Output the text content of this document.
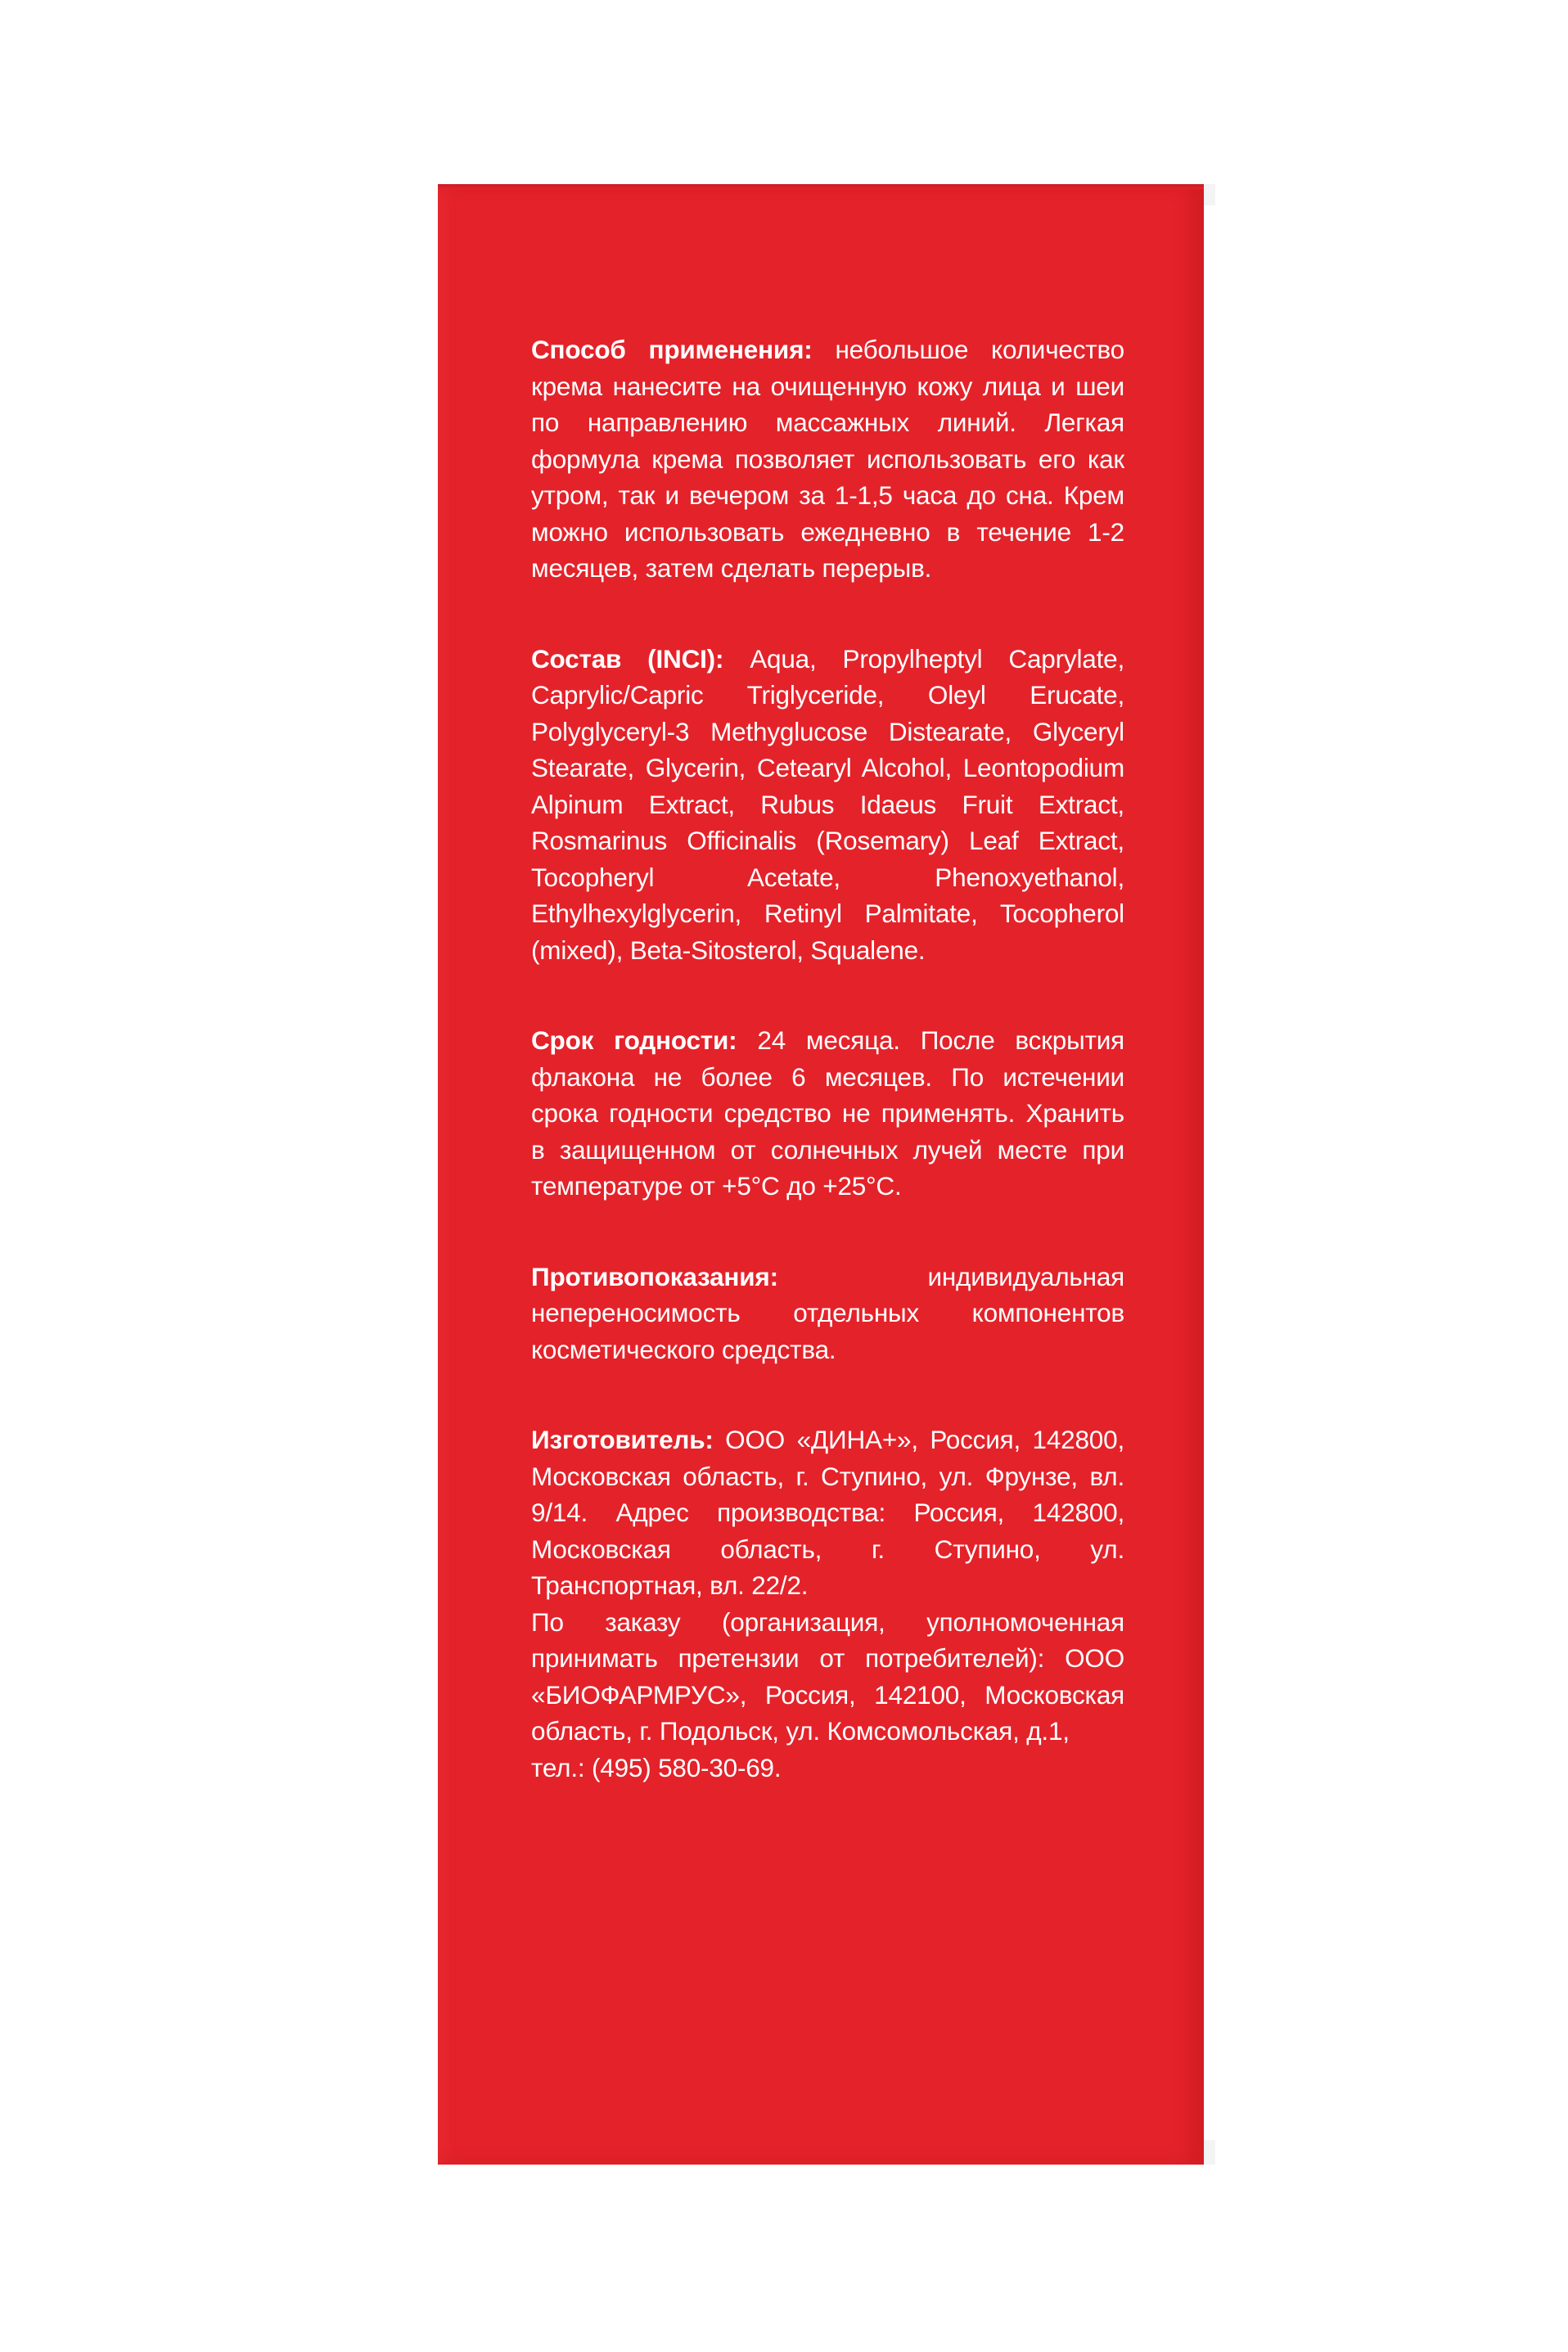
Способ применения: небольшое количество крема нанесите на очищенную кожу лица и шеи по направлению массажных линий. Легкая формула крема позволяет использовать его как утром, так и вечером за 1-1,5 часа до сна. Крем можно использовать ежедневно в течение 1-2 месяцев, затем сделать перерыв.

Состав (INCI): Aqua, Propylheptyl Caprylate, Caprylic/Capric Triglyceride, Oleyl Erucate, Polyglyceryl-3 Methyglucose Distearate, Glyceryl Stearate, Glycerin, Cetearyl Alcohol, Leontopodium Alpinum Extract, Rubus Idaeus Fruit Extract, Rosmarinus Officinalis (Rosemary) Leaf Extract, Tocopheryl Acetate, Phenoxyethanol, Ethylhexylglycerin, Retinyl Palmitate, Tocopherol (mixed), Beta-Sitosterol, Squalene.

Срок годности: 24 месяца. После вскрытия флакона не более 6 месяцев. По истечении срока годности средство не применять. Хранить в защищенном от солнечных лучей месте при температуре от +5°С до +25°С.

Противопоказания: индивидуальная непереносимость отдельных компонентов косметического средства.

Изготовитель: ООО «ДИНА+», Россия, 142800, Московская область, г. Ступино, ул. Фрунзе, вл. 9/14. Адрес производства: Россия, 142800, Московская область, г. Ступино, ул. Транспортная, вл. 22/2.

По заказу (организация, уполномоченная принимать претензии от потребителей): ООО «БИОФАРМРУС», Россия, 142100, Московская область, г. Подольск, ул. Комсомольская, д.1,

тел.: (495) 580-30-69.
